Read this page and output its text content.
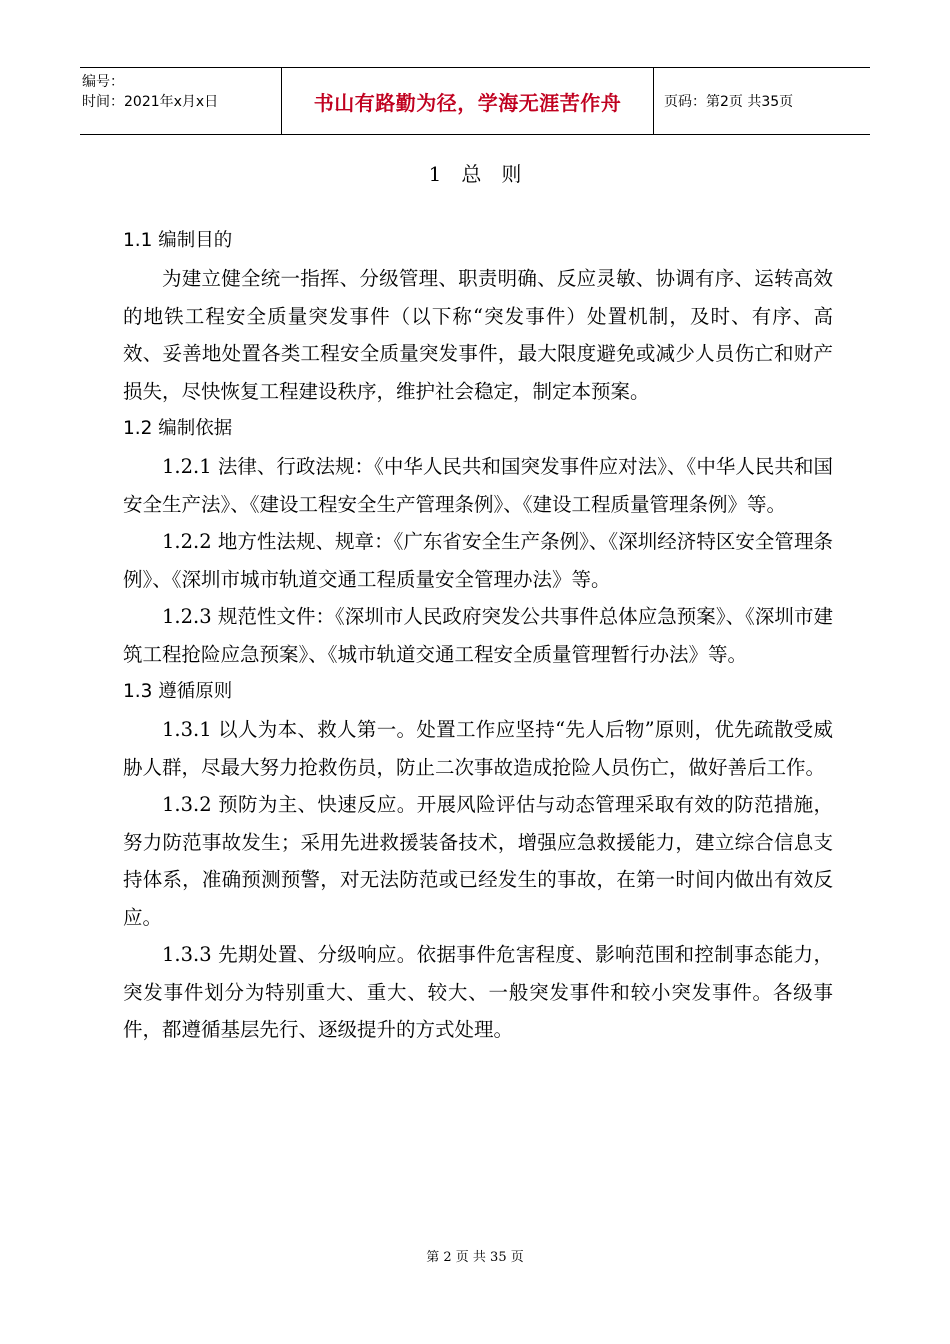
编号：
时间：2021年x月x日	书山有路勤为径，学海无涯苦作舟	页码：第2页 共35页
1　总　则

1.1 编制目的

为建立健全统一指挥、分级管理、职责明确、反应灵敏、协调有序、运转高效的地铁工程安全质量突发事件（以下称“突发事件）处置机制，及时、有序、高效、妥善地处置各类工程安全质量突发事件，最大限度避免或减少人员伤亡和财产损失，尽快恢复工程建设秩序，维护社会稳定，制定本预案。

1.2 编制依据

1.2.1 法律、行政法规：《中华人民共和国突发事件应对法》、《中华人民共和国安全生产法》、《建设工程安全生产管理条例》、《建设工程质量管理条例》等。

1.2.2 地方性法规、规章：《广东省安全生产条例》、《深圳经济特区安全管理条例》、《深圳市城市轨道交通工程质量安全管理办法》等。

1.2.3 规范性文件：《深圳市人民政府突发公共事件总体应急预案》、《深圳市建筑工程抢险应急预案》、《城市轨道交通工程安全质量管理暂行办法》等。

1.3 遵循原则

1.3.1 以人为本、救人第一。处置工作应坚持“先人后物”原则，优先疏散受威胁人群，尽最大努力抢救伤员，防止二次事故造成抢险人员伤亡，做好善后工作。

1.3.2 预防为主、快速反应。开展风险评估与动态管理采取有效的防范措施，努力防范事故发生；采用先进救援装备技术，增强应急救援能力，建立综合信息支持体系，准确预测预警，对无法防范或已经发生的事故，在第一时间内做出有效反应。

1.3.3 先期处置、分级响应。依据事件危害程度、影响范围和控制事态能力，突发事件划分为特别重大、重大、较大、一般突发事件和较小突发事件。各级事件，都遵循基层先行、逐级提升的方式处理。

第 2 页 共 35 页
